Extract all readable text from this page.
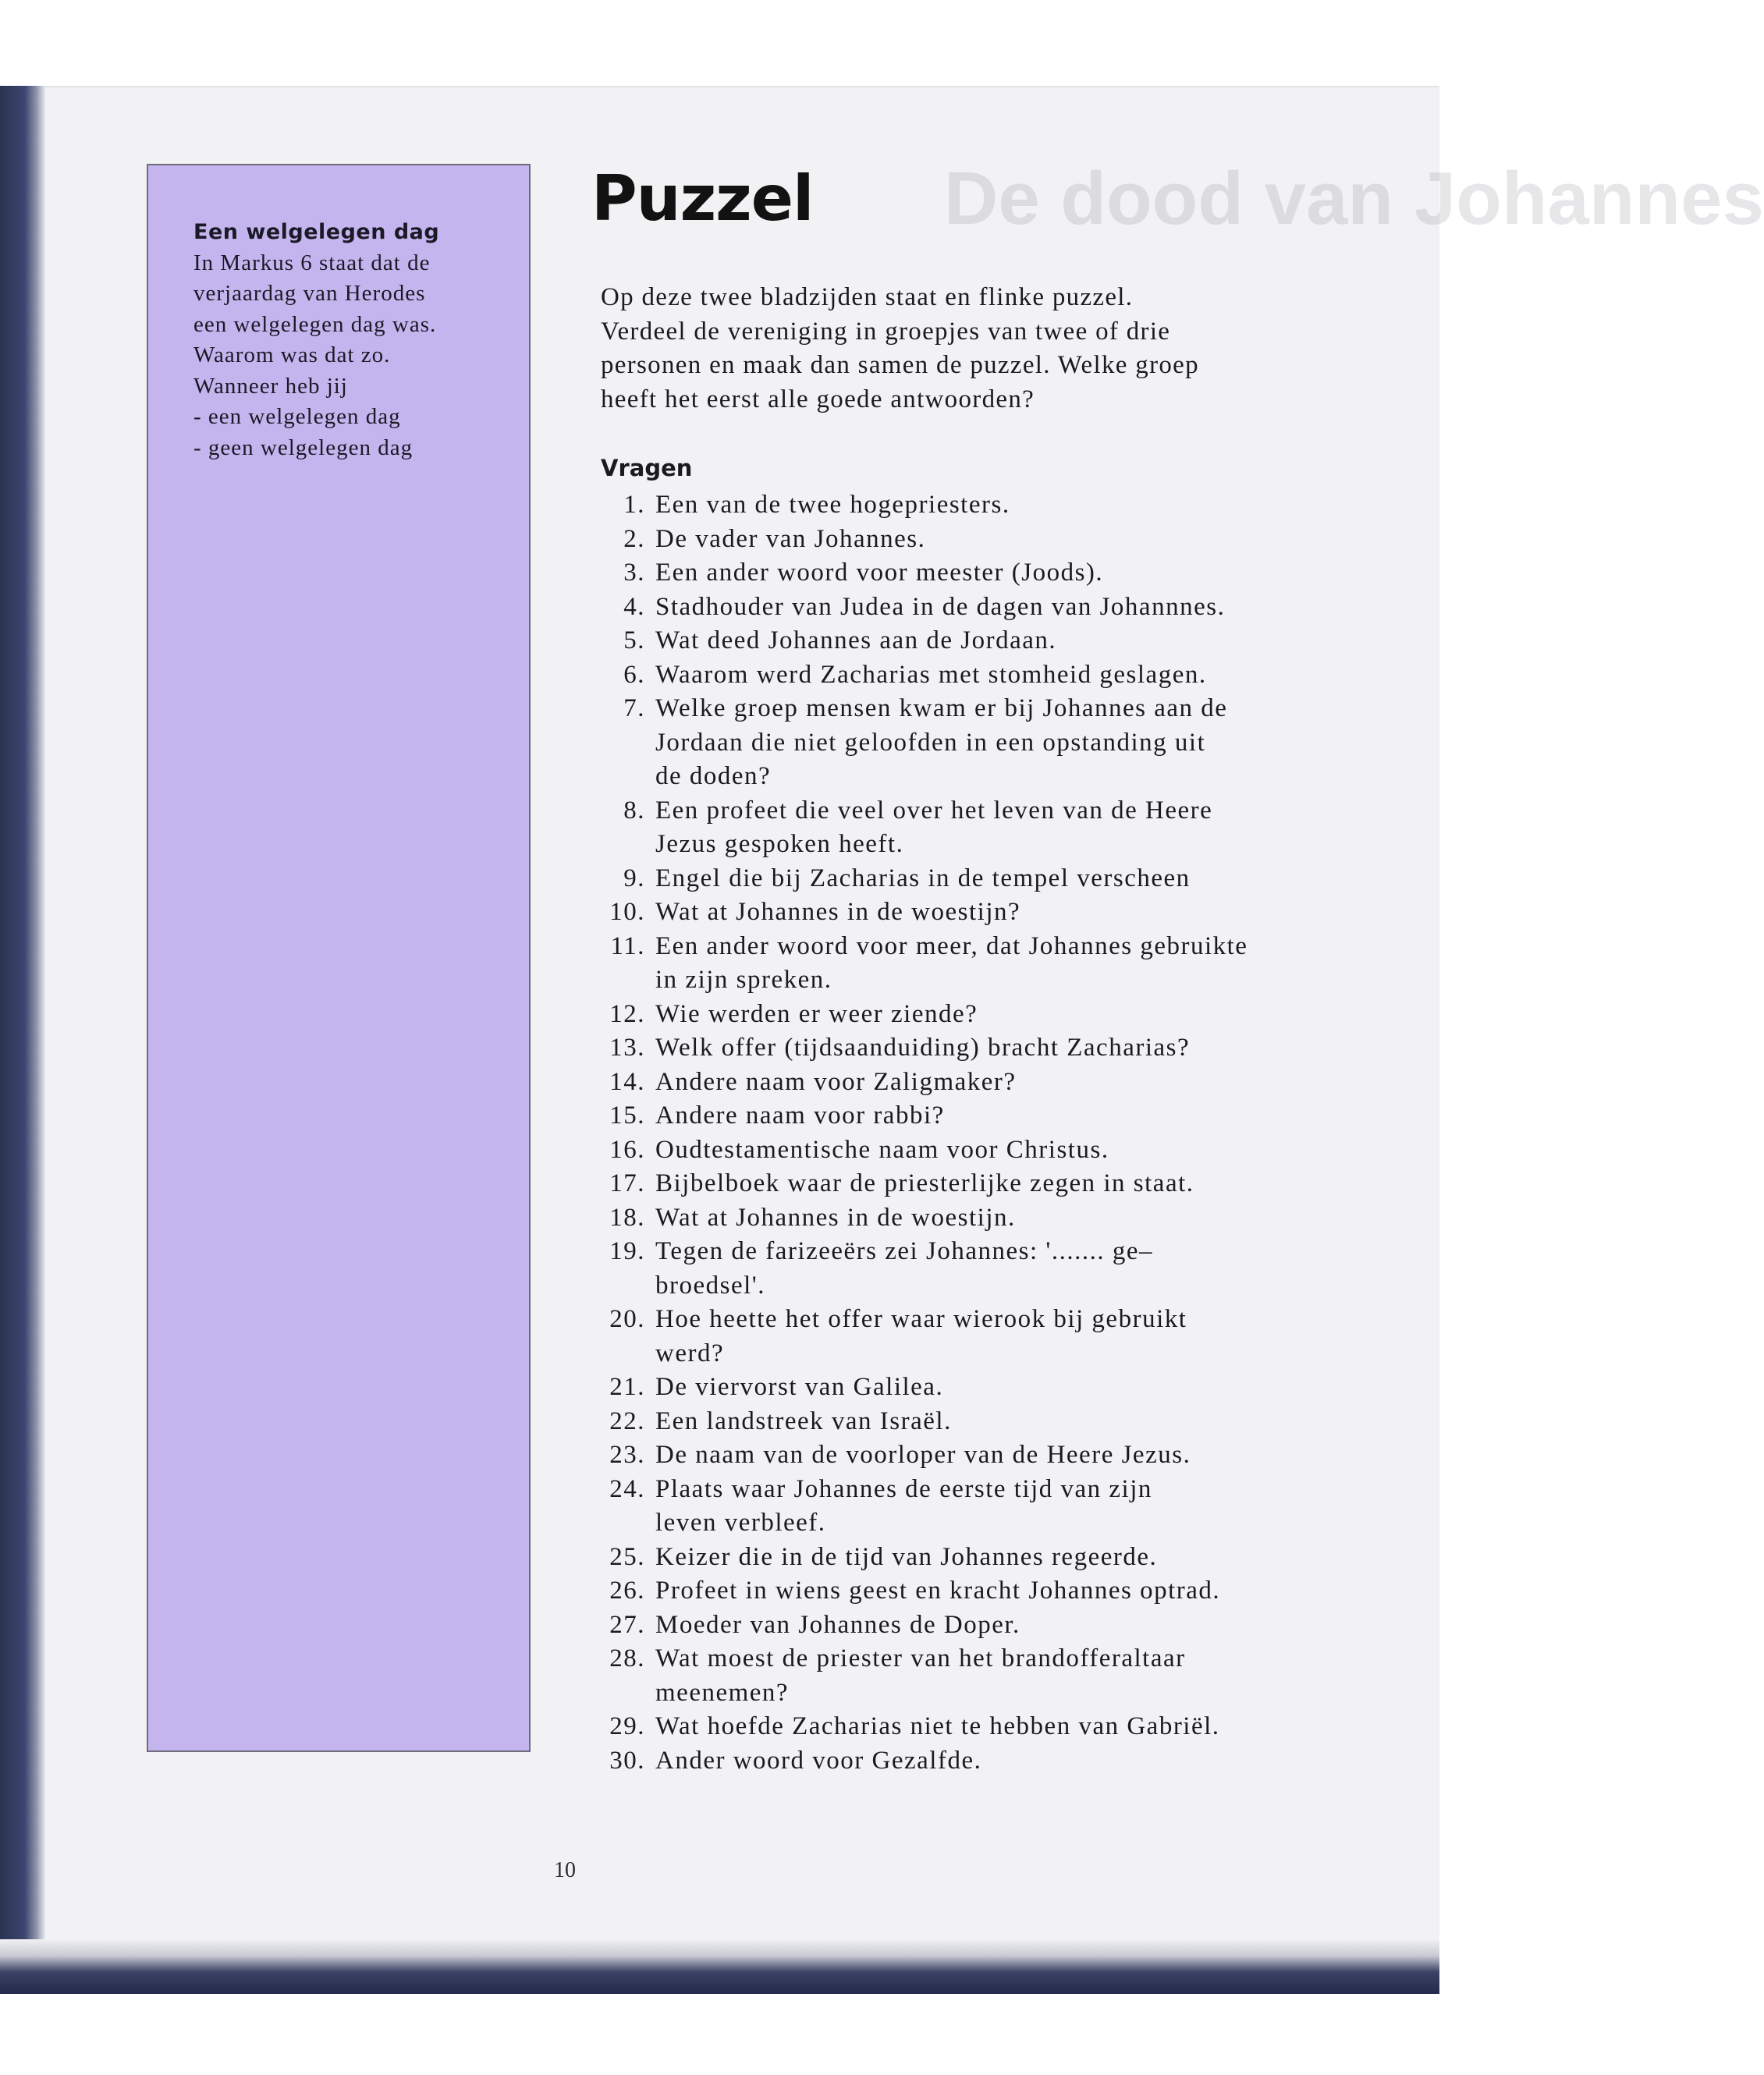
De dood van Johannes
Een welgelegen dag
In Markus 6 staat dat de
verjaardag van Herodes
een welgelegen dag was.
Waarom was dat zo.
Wanneer heb jij
- een welgelegen dag
- geen welgelegen dag
10
Puzzel
Op deze twee bladzijden staat en flinke puzzel.
Verdeel de vereniging in groepjes van twee of drie
personen en maak dan samen de puzzel. Welke groep
heeft het eerst alle goede antwoorden?
Vragen
1. Een van de twee hogepriesters.
2. De vader van Johannes.
3. Een ander woord voor meester (Joods).
4. Stadhouder van Judea in de dagen van Johannnes.
5. Wat deed Johannes aan de Jordaan.
6. Waarom werd Zacharias met stomheid geslagen.
7. Welke groep mensen kwam er bij Johannes aan de
Jordaan die niet geloofden in een opstanding uit
de doden?
8. Een profeet die veel over het leven van de Heere
Jezus gespoken heeft.
9. Engel die bij Zacharias in de tempel verscheen
10. Wat at Johannes in de woestijn?
11. Een ander woord voor meer, dat Johannes gebruikte
in zijn spreken.
12. Wie werden er weer ziende?
13. Welk offer (tijdsaanduiding) bracht Zacharias?
14. Andere naam voor Zaligmaker?
15. Andere naam voor rabbi?
16. Oudtestamentische naam voor Christus.
17. Bijbelboek waar de priesterlijke zegen in staat.
18. Wat at Johannes in de woestijn.
19. Tegen de farizeeërs zei Johannes: '....... ge–
broedsel'.
20. Hoe heette het offer waar wierook bij gebruikt
werd?
21. De viervorst van Galilea.
22. Een landstreek van Israël.
23. De naam van de voorloper van de Heere Jezus.
24. Plaats waar Johannes de eerste tijd van zijn
leven verbleef.
25. Keizer die in de tijd van Johannes regeerde.
26. Profeet in wiens geest en kracht Johannes optrad.
27. Moeder van Johannes de Doper.
28. Wat moest de priester van het brandofferaltaar
meenemen?
29. Wat hoefde Zacharias niet te hebben van Gabriël.
30. Ander woord voor Gezalfde.
